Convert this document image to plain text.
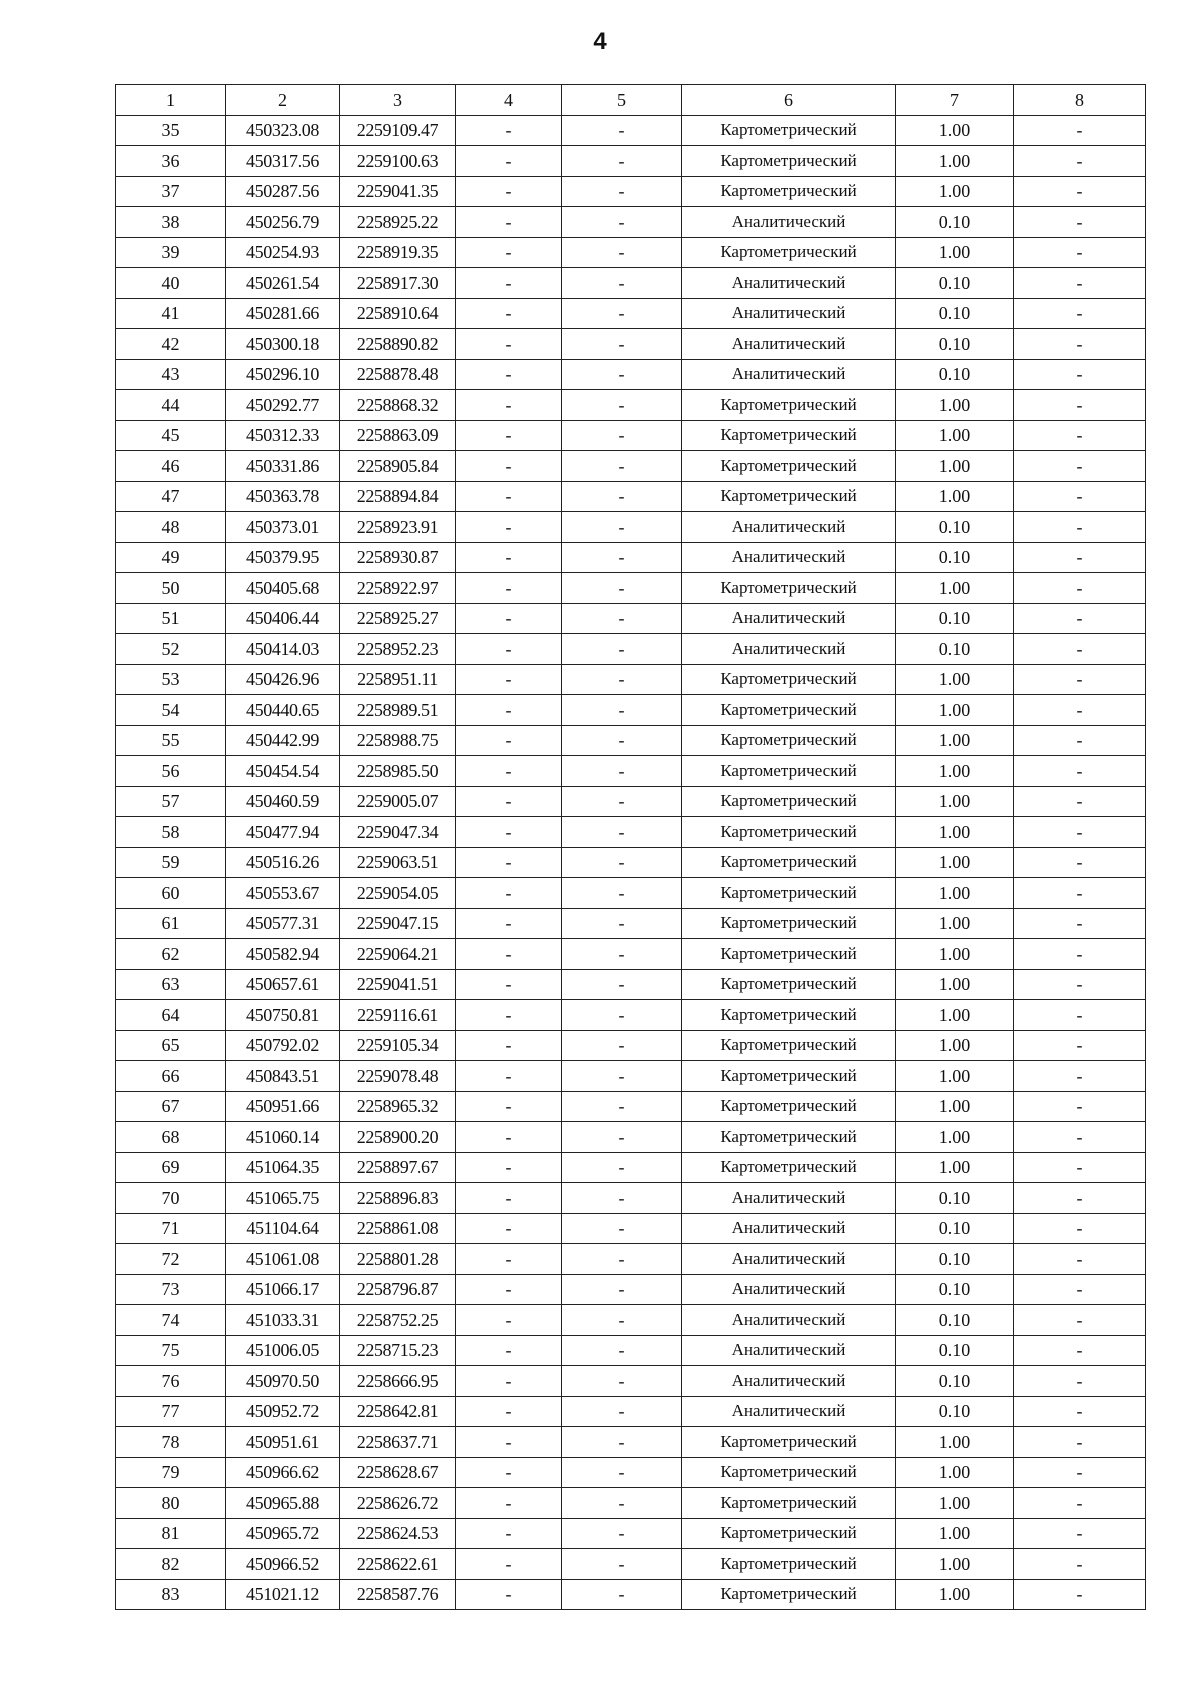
4
1	2	3	4	5	6	7	8
35	450323.08	2259109.47	-	-	Картометрический	1.00	-
36	450317.56	2259100.63	-	-	Картометрический	1.00	-
37	450287.56	2259041.35	-	-	Картометрический	1.00	-
38	450256.79	2258925.22	-	-	Аналитический	0.10	-
39	450254.93	2258919.35	-	-	Картометрический	1.00	-
40	450261.54	2258917.30	-	-	Аналитический	0.10	-
41	450281.66	2258910.64	-	-	Аналитический	0.10	-
42	450300.18	2258890.82	-	-	Аналитический	0.10	-
43	450296.10	2258878.48	-	-	Аналитический	0.10	-
44	450292.77	2258868.32	-	-	Картометрический	1.00	-
45	450312.33	2258863.09	-	-	Картометрический	1.00	-
46	450331.86	2258905.84	-	-	Картометрический	1.00	-
47	450363.78	2258894.84	-	-	Картометрический	1.00	-
48	450373.01	2258923.91	-	-	Аналитический	0.10	-
49	450379.95	2258930.87	-	-	Аналитический	0.10	-
50	450405.68	2258922.97	-	-	Картометрический	1.00	-
51	450406.44	2258925.27	-	-	Аналитический	0.10	-
52	450414.03	2258952.23	-	-	Аналитический	0.10	-
53	450426.96	2258951.11	-	-	Картометрический	1.00	-
54	450440.65	2258989.51	-	-	Картометрический	1.00	-
55	450442.99	2258988.75	-	-	Картометрический	1.00	-
56	450454.54	2258985.50	-	-	Картометрический	1.00	-
57	450460.59	2259005.07	-	-	Картометрический	1.00	-
58	450477.94	2259047.34	-	-	Картометрический	1.00	-
59	450516.26	2259063.51	-	-	Картометрический	1.00	-
60	450553.67	2259054.05	-	-	Картометрический	1.00	-
61	450577.31	2259047.15	-	-	Картометрический	1.00	-
62	450582.94	2259064.21	-	-	Картометрический	1.00	-
63	450657.61	2259041.51	-	-	Картометрический	1.00	-
64	450750.81	2259116.61	-	-	Картометрический	1.00	-
65	450792.02	2259105.34	-	-	Картометрический	1.00	-
66	450843.51	2259078.48	-	-	Картометрический	1.00	-
67	450951.66	2258965.32	-	-	Картометрический	1.00	-
68	451060.14	2258900.20	-	-	Картометрический	1.00	-
69	451064.35	2258897.67	-	-	Картометрический	1.00	-
70	451065.75	2258896.83	-	-	Аналитический	0.10	-
71	451104.64	2258861.08	-	-	Аналитический	0.10	-
72	451061.08	2258801.28	-	-	Аналитический	0.10	-
73	451066.17	2258796.87	-	-	Аналитический	0.10	-
74	451033.31	2258752.25	-	-	Аналитический	0.10	-
75	451006.05	2258715.23	-	-	Аналитический	0.10	-
76	450970.50	2258666.95	-	-	Аналитический	0.10	-
77	450952.72	2258642.81	-	-	Аналитический	0.10	-
78	450951.61	2258637.71	-	-	Картометрический	1.00	-
79	450966.62	2258628.67	-	-	Картометрический	1.00	-
80	450965.88	2258626.72	-	-	Картометрический	1.00	-
81	450965.72	2258624.53	-	-	Картометрический	1.00	-
82	450966.52	2258622.61	-	-	Картометрический	1.00	-
83	451021.12	2258587.76	-	-	Картометрический	1.00	-
